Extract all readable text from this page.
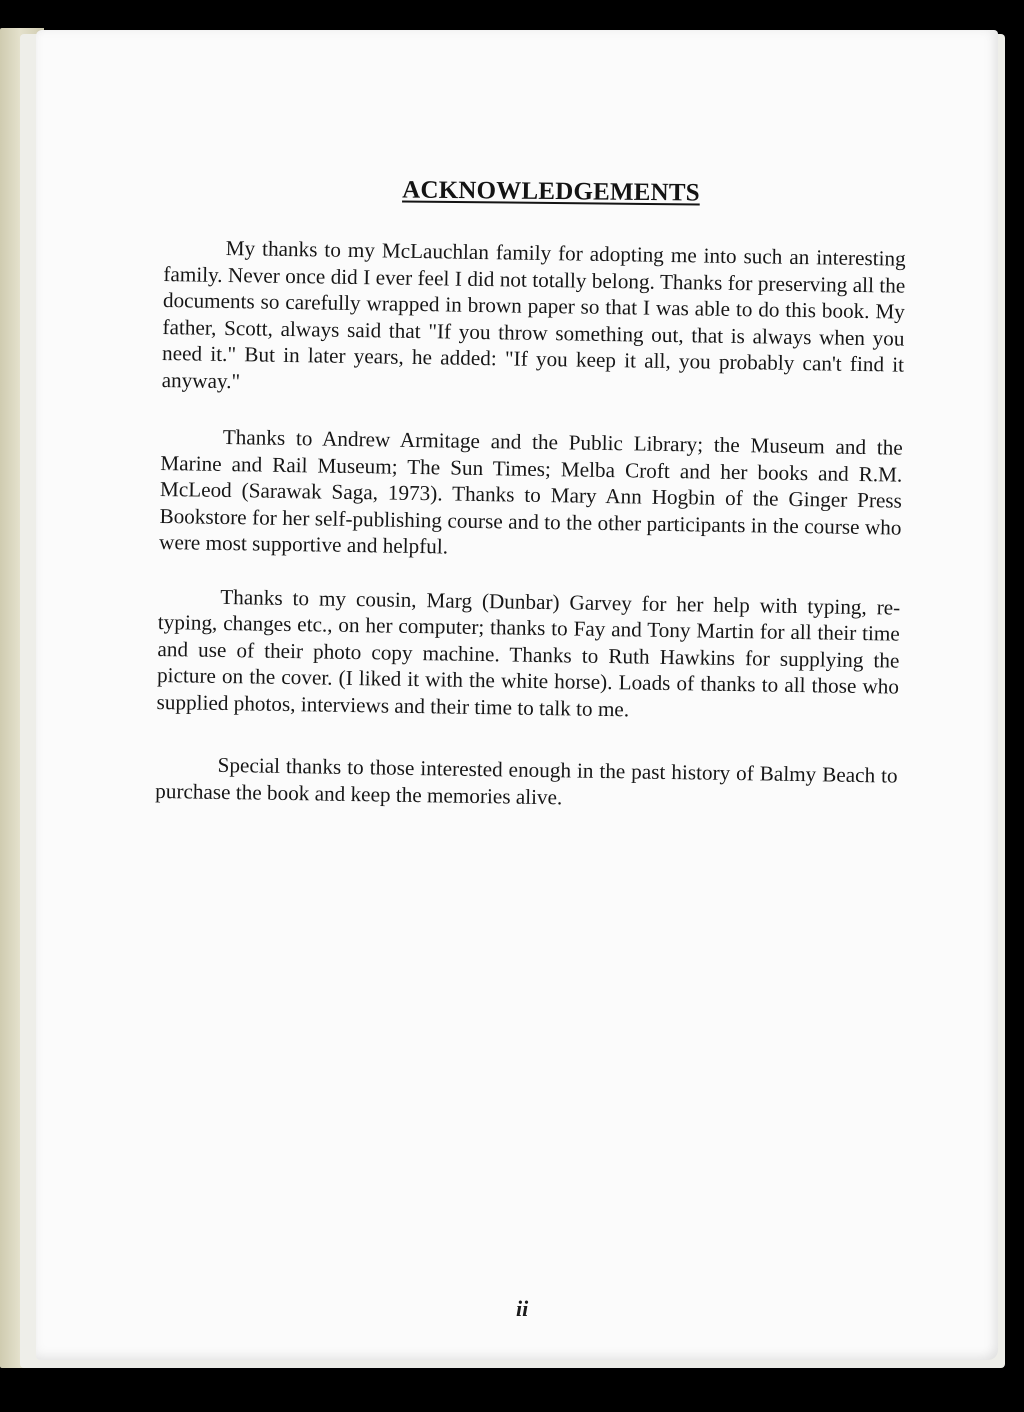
ACKNOWLEDGEMENTS

My thanks to my McLauchlan family for adopting me into such an interesting family. Never once did I ever feel I did not totally belong. Thanks for preserving all the documents so carefully wrapped in brown paper so that I was able to do this book. My father, Scott, always said that "If you throw something out, that is always when you need it." But in later years, he added: "If you keep it all, you probably can't find it anyway."

Thanks to Andrew Armitage and the Public Library; the Museum and the Marine and Rail Museum; The Sun Times; Melba Croft and her books and R.M. McLeod (Sarawak Saga, 1973). Thanks to Mary Ann Hogbin of the Ginger Press Bookstore for her self-publishing course and to the other participants in the course who were most supportive and helpful.

Thanks to my cousin, Marg (Dunbar) Garvey for her help with typing, re-typing, changes etc., on her computer; thanks to Fay and Tony Martin for all their time and use of their photo copy machine. Thanks to Ruth Hawkins for supplying the picture on the cover. (I liked it with the white horse). Loads of thanks to all those who supplied photos, interviews and their time to talk to me.

Special thanks to those interested enough in the past history of Balmy Beach to purchase the book and keep the memories alive.

ii
